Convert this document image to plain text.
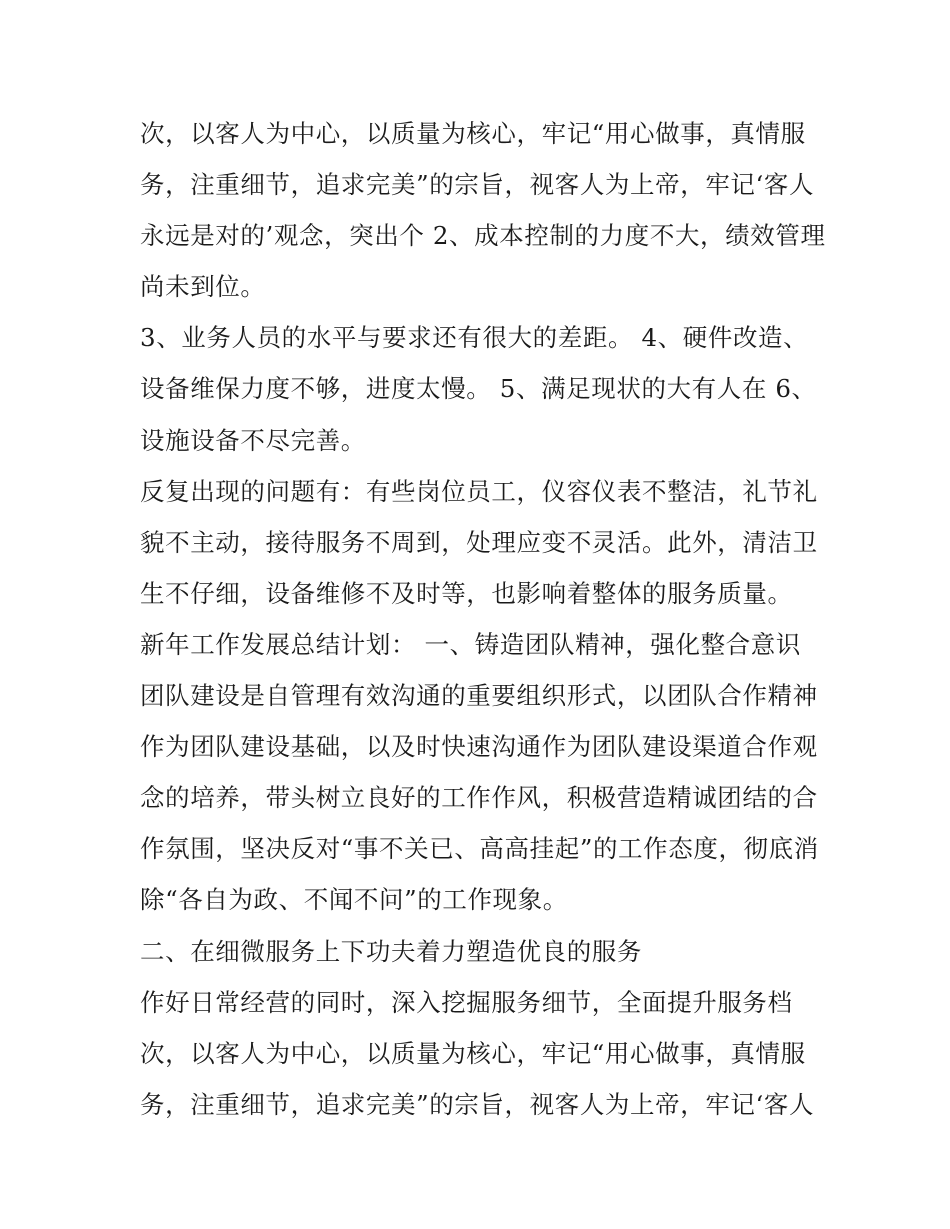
次，以客人为中心，以质量为核心，牢记“用心做事，真情服
务，注重细节，追求完美”的宗旨，视客人为上帝，牢记‘客人
永远是对的’观念，突出个 2、成本控制的力度不大，绩效管理
尚未到位。
3、业务人员的水平与要求还有很大的差距。 4、硬件改造、
设备维保力度不够，进度太慢。 5、满足现状的大有人在 6、
设施设备不尽完善。
反复出现的问题有：有些岗位员工，仪容仪表不整洁，礼节礼
貌不主动，接待服务不周到，处理应变不灵活。此外，清洁卫
生不仔细，设备维修不及时等，也影响着整体的服务质量。
新年工作发展总结计划： 一、铸造团队精神，强化整合意识
团队建设是自管理有效沟通的重要组织形式，以团队合作精神
作为团队建设基础，以及时快速沟通作为团队建设渠道合作观
念的培养，带头树立良好的工作作风，积极营造精诚团结的合
作氛围，坚决反对“事不关已、高高挂起”的工作态度，彻底消
除“各自为政、不闻不问”的工作现象。
二、在细微服务上下功夫着力塑造优良的服务
作好日常经营的同时，深入挖掘服务细节，全面提升服务档
次，以客人为中心，以质量为核心，牢记“用心做事，真情服
务，注重细节，追求完美”的宗旨，视客人为上帝，牢记‘客人
